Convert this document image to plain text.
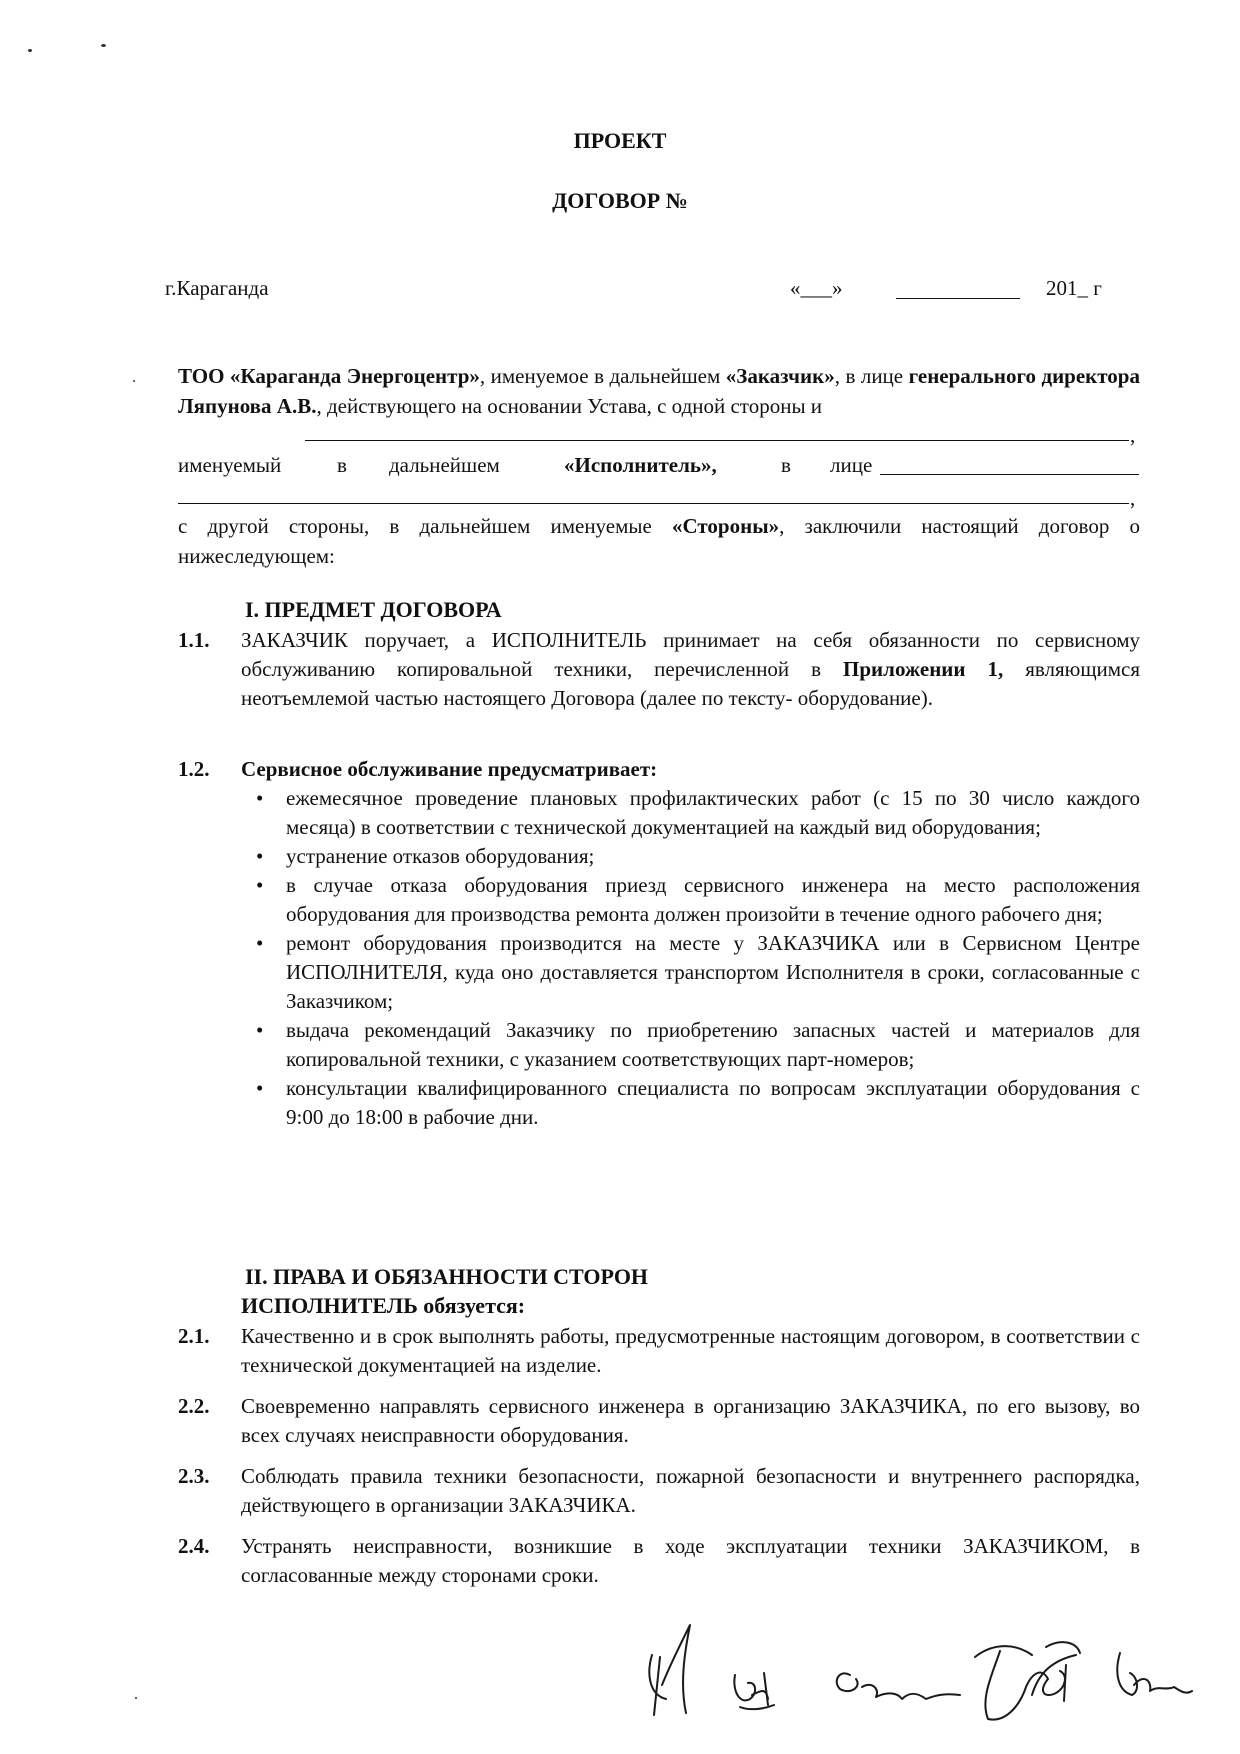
ПРОЕКТ
ДОГОВОР №
г.Караганда	«___»	201_ г
ТОО «Караганда Энергоцентр», именуемое в дальнейшем «Заказчик», в лице генерального директора Ляпунова А.В., действующего на основании Устава, с одной стороны и
,
именуемый	в дальнейшем	«Исполнитель»,	в лице
,
с другой стороны, в дальнейшем именуемые «Стороны», заключили настоящий договор о нижеследующем:
I. ПРЕДМЕТ ДОГОВОРА
1.1.	ЗАКАЗЧИК поручает, а ИСПОЛНИТЕЛЬ принимает на себя обязанности по сервисному обслуживанию копировальной техники, перечисленной в Приложении 1, являющимся неотъемлемой частью настоящего Договора (далее по тексту- оборудование).
1.2.	Сервисное обслуживание предусматривает:
• ежемесячное проведение плановых профилактических работ (с 15 по 30 число каждого месяца) в соответствии с технической документацией на каждый вид оборудования;
• устранение отказов оборудования;
• в случае отказа оборудования приезд сервисного инженера на место расположения оборудования для производства ремонта должен произойти в течение одного рабочего дня;
• ремонт оборудования производится на месте у ЗАКАЗЧИКА или в Сервисном Центре ИСПОЛНИТЕЛЯ, куда оно доставляется транспортом Исполнителя в сроки, согласованные с Заказчиком;
• выдача рекомендаций Заказчику по приобретению запасных частей и материалов для копировальной техники, с указанием соответствующих парт-номеров;
• консультации квалифицированного специалиста по вопросам эксплуатации оборудования с 9:00 до 18:00 в рабочие дни.
II. ПРАВА И ОБЯЗАННОСТИ СТОРОН
ИСПОЛНИТЕЛЬ обязуется:
2.1.	Качественно и в срок выполнять работы, предусмотренные настоящим договором, в соответствии с технической документацией на изделие.
2.2.	Своевременно направлять сервисного инженера в организацию ЗАКАЗЧИКА, по его вызову, во всех случаях неисправности оборудования.
2.3.	Соблюдать правила техники безопасности, пожарной безопасности и внутреннего распорядка, действующего в организации ЗАКАЗЧИКА.
2.4.	Устранять неисправности, возникшие в ходе эксплуатации техники ЗАКАЗЧИКОМ, в согласованные между сторонами сроки.
